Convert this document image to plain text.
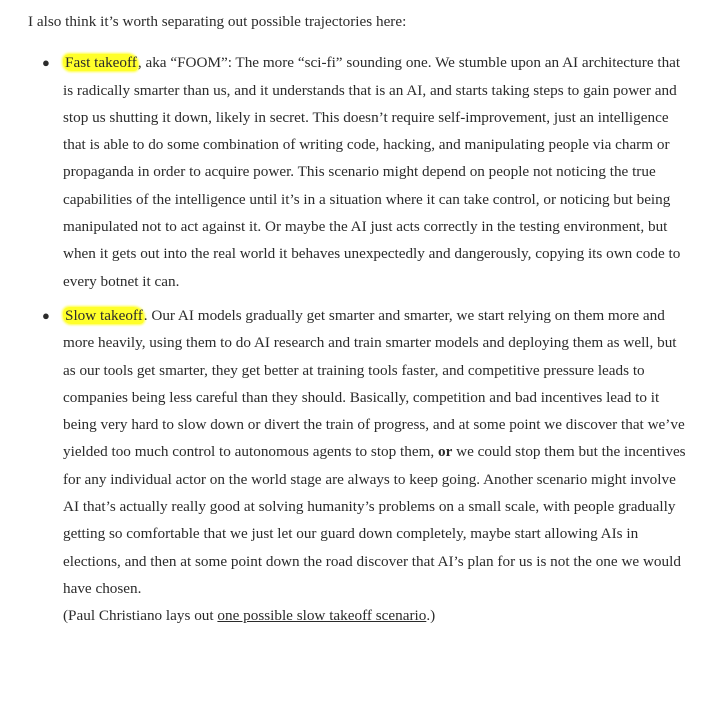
I also think it’s worth separating out possible trajectories here:

● Fast takeoff, aka “FOOM”: The more “sci-fi” sounding one. We stumble upon an AI architecture that is radically smarter than us, and it understands that is an AI, and starts taking steps to gain power and stop us shutting it down, likely in secret. This doesn’t require self-improvement, just an intelligence that is able to do some combination of writing code, hacking, and manipulating people via charm or propaganda in order to acquire power. This scenario might depend on people not noticing the true capabilities of the intelligence until it’s in a situation where it can take control, or noticing but being manipulated not to act against it. Or maybe the AI just acts correctly in the testing environment, but when it gets out into the real world it behaves unexpectedly and dangerously, copying its own code to every botnet it can.
● Slow takeoff. Our AI models gradually get smarter and smarter, we start relying on them more and more heavily, using them to do AI research and train smarter models and deploying them as well, but as our tools get smarter, they get better at training tools faster, and competitive pressure leads to companies being less careful than they should. Basically, competition and bad incentives lead to it being very hard to slow down or divert the train of progress, and at some point we discover that we’ve yielded too much control to autonomous agents to stop them, or we could stop them but the incentives for any individual actor on the world stage are always to keep going. Another scenario might involve AI that’s actually really good at solving humanity’s problems on a small scale, with people gradually getting so comfortable that we just let our guard down completely, maybe start allowing AIs in elections, and then at some point down the road discover that AI’s plan for us is not the one we would have chosen.
(Paul Christiano lays out one possible slow takeoff scenario.)
